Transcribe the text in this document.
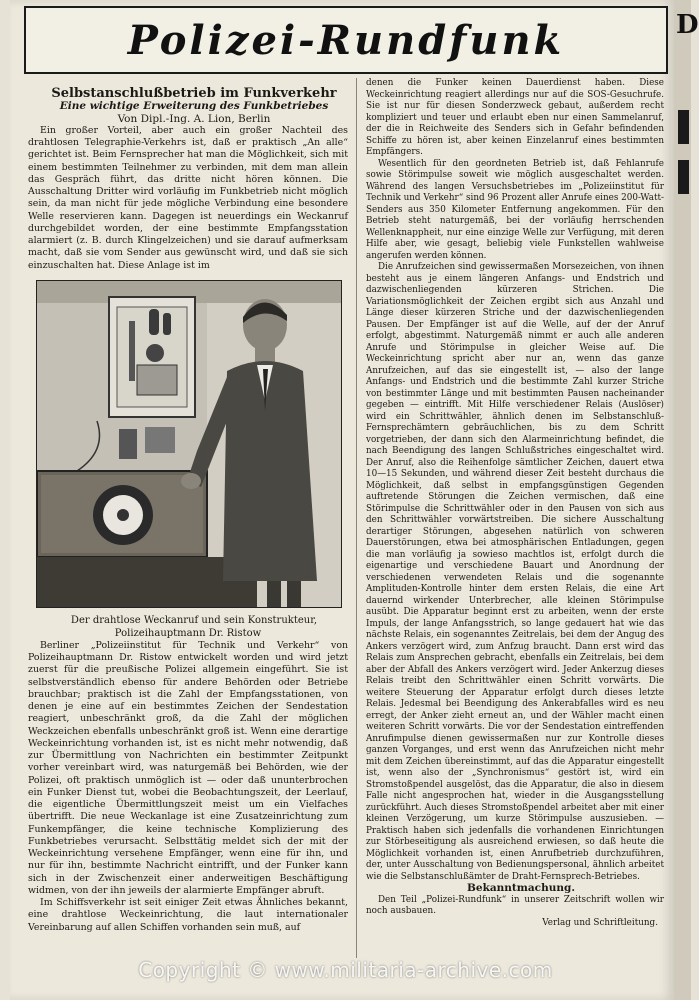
D
Polizei-Rundfunk

Selbstanschlußbetrieb im Funkverkehr

Eine wichtige Erweiterung des Funkbetriebes

Von Dipl.-Ing. A. Lion, Berlin

Ein großer Vorteil, aber auch ein großer Nachteil des drahtlosen Telegraphie-Verkehrs ist, daß er praktisch „An alle“ gerichtet ist. Beim Fernsprecher hat man die Möglichkeit, sich mit einem bestimmten Teilnehmer zu verbinden, mit dem man allein das Gespräch führt, das dritte nicht hören können. Die Ausschaltung Dritter wird vorläufig im Funkbetrieb nicht möglich sein, da man nicht für jede mögliche Verbindung eine besondere Welle reservieren kann. Dagegen ist neuerdings ein Weckanruf durchgebildet worden, der eine bestimmte Empfangsstation alarmiert (z. B. durch Klingelzeichen) und sie darauf aufmerksam macht, daß sie vom Sender aus gewünscht wird, und daß sie sich einzuschalten hat. Diese Anlage ist im

Der drahtlose Weckanruf und sein Konstrukteur, Polizeihauptmann Dr. Ristow

Berliner „Polizeiinstitut für Technik und Verkehr“ von Polizeihauptmann Dr. Ristow entwickelt worden und wird jetzt zuerst für die preußische Polizei allgemein eingeführt. Sie ist selbstverständlich ebenso für andere Behörden oder Betriebe brauchbar; praktisch ist die Zahl der Empfangsstationen, von denen je eine auf ein bestimmtes Zeichen der Sendestation reagiert, unbeschränkt groß, da die Zahl der möglichen Weckzeichen ebenfalls unbeschränkt groß ist. Wenn eine derartige Weckeinrichtung vorhanden ist, ist es nicht mehr notwendig, daß zur Übermittlung von Nachrichten ein bestimmter Zeitpunkt vorher vereinbart wird, was naturgemäß bei Behörden, wie der Polizei, oft praktisch unmöglich ist — oder daß ununterbrochen ein Funker Dienst tut, wobei die Beobachtungszeit, der Leerlauf, die eigentliche Übermittlungszeit meist um ein Vielfaches übertrifft. Die neue Weckanlage ist eine Zusatzeinrichtung zum Funkempfänger, die keine technische Komplizierung des Funkbetriebes verursacht. Selbsttätig meldet sich der mit der Weckeinrichtung versehene Empfänger, wenn eine für ihn, und nur für ihn, bestimmte Nachricht eintrifft, und der Funker kann sich in der Zwischenzeit einer anderweitigen Beschäftigung widmen, von der ihn jeweils der alarmierte Empfänger abruft.

Im Schiffsverkehr ist seit einiger Zeit etwas Ähnliches bekannt, eine drahtlose Weckeinrichtung, die laut internationaler Vereinbarung auf allen Schiffen vorhanden sein muß, auf

denen die Funker keinen Dauerdienst haben. Diese Weckeinrichtung reagiert allerdings nur auf die SOS-Gesuchrufe. Sie ist nur für diesen Sonderzweck gebaut, außerdem recht kompliziert und teuer und erlaubt eben nur einen Sammelanruf, der die in Reichweite des Senders sich in Gefahr befindenden Schiffe zu hören ist, aber keinen Einzelanruf eines bestimmten Empfängers.

Wesentlich für den geordneten Betrieb ist, daß Fehlanrufe sowie Störimpulse soweit wie möglich ausgeschaltet werden. Während des langen Versuchsbetriebes im „Polizeiinstitut für Technik und Verkehr“ sind 96 Prozent aller Anrufe eines 200-Watt-Senders aus 350 Kilometer Entfernung angekommen. Für den Betrieb steht naturgemäß, bei der vorläufig herrschenden Wellenknappheit, nur eine einzige Welle zur Verfügung, mit deren Hilfe aber, wie gesagt, beliebig viele Funkstellen wahlweise angerufen werden können.

Die Anrufzeichen sind gewissermaßen Morsezeichen, von ihnen besteht aus je einem längeren Anfangs- und Endstrich und dazwischenliegenden kürzeren Strichen. Die Variationsmöglichkeit der Zeichen ergibt sich aus Anzahl und Länge dieser kürzeren Striche und der dazwischenliegenden Pausen. Der Empfänger ist auf die Welle, auf der der Anruf erfolgt, abgestimmt. Naturgemäß nimmt er auch alle anderen Anrufe und Störimpulse in gleicher Weise auf. Die Weckeinrichtung spricht aber nur an, wenn das ganze Anrufzeichen, auf das sie eingestellt ist, — also der lange Anfangs- und Endstrich und die bestimmte Zahl kurzer Striche von bestimmter Länge und mit bestimmten Pausen nacheinander gegeben — eintrifft. Mit Hilfe verschiedener Relais (Auslöser) wird ein Schrittwähler, ähnlich denen im Selbstanschluß-Fernsprechämtern gebräuchlichen, bis zu dem Schritt vorgetrieben, der dann sich den Alarmeinrichtung befindet, die nach Beendigung des langen Schlußstriches eingeschaltet wird. Der Anruf, also die Reihenfolge sämtlicher Zeichen, dauert etwa 10—15 Sekunden, und während dieser Zeit besteht durchaus die Möglichkeit, daß selbst in empfangsgünstigen Gegenden auftretende Störungen die Zeichen vermischen, daß eine Störimpulse die Schrittwähler oder in den Pausen von sich aus den Schrittwähler vorwärtstreiben. Die sichere Ausschaltung derartiger Störungen, abgesehen natürlich von schweren Dauerstörungen, etwa bei atmosphärischen Entladungen, gegen die man vorläufig ja sowieso machtlos ist, erfolgt durch die eigenartige und verschiedene Bauart und Anordnung der verschiedenen verwendeten Relais und die sogenannte Amplituden-Kontrolle hinter dem ersten Relais, die eine Art dauernd wirkender Unterbrecher, alle kleinen Störimpulse ausübt. Die Apparatur beginnt erst zu arbeiten, wenn der erste Impuls, der lange Anfangsstrich, so lange gedauert hat wie das nächste Relais, ein sogenanntes Zeitrelais, bei dem der Angug des Ankers verzögert wird, zum Anfzug braucht. Dann erst wird das Relais zum Ansprechen gebracht, ebenfalls ein Zeitrelais, bei dem aber der Abfall des Ankers verzögert wird. Jeder Ankerzug dieses Relais treibt den Schrittwähler einen Schritt vorwärts. Die weitere Steuerung der Apparatur erfolgt durch dieses letzte Relais. Jedesmal bei Beendigung des Ankerabfalles wird es neu erregt, der Anker zieht erneut an, und der Wähler macht einen weiteren Schritt vorwärts. Die vor der Sendestation eintreffenden Anrufimpulse dienen gewissermaßen nur zur Kontrolle dieses ganzen Vorganges, und erst wenn das Anrufzeichen nicht mehr mit dem Zeichen übereinstimmt, auf das die Apparatur eingestellt ist, wenn also der „Synchronismus“ gestört ist, wird ein Stromstoßpendel ausgelöst, das die Apparatur, die also in diesem Falle nicht angesprochen hat, wieder in die Ausgangsstellung zurückführt. Auch dieses Stromstoßpendel arbeitet aber mit einer kleinen Verzögerung, um kurze Störimpulse auszusieben. — Praktisch haben sich jedenfalls die vorhandenen Einrichtungen zur Störbeseitigung als ausreichend erwiesen, so daß heute die Möglichkeit vorhanden ist, einen Anrufbetrieb durchzuführen, der, unter Ausschaltung von Bedienungspersonal, ähnlich arbeitet wie die Selbstanschlußämter de Draht-Fernsprech-Betriebes.

Bekanntmachung.

Den Teil „Polizei-Rundfunk“ in unserer Zeitschrift wollen wir noch ausbauen.

Verlag und Schriftleitung.

Copyright © www.militaria-archive.com
